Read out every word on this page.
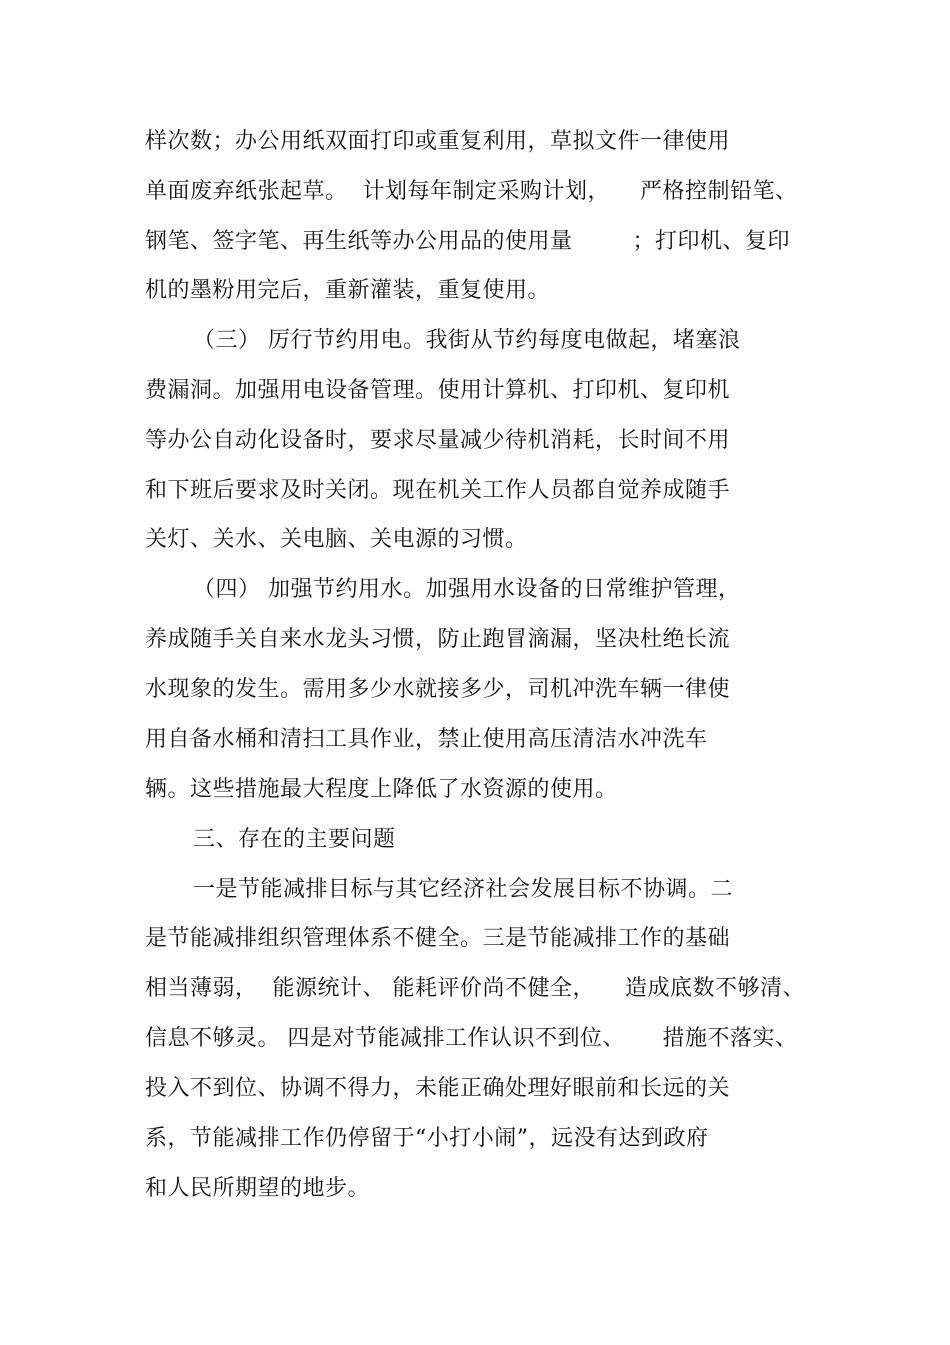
样次数；办公用纸双面打印或重复利用，草拟文件一律使用
单面废弃纸张起草。  计划每年制定采购计划，    严格控制铅笔、
钢笔、签字笔、再生纸等办公用品的使用量        ；打印机、复印
机的墨粉用完后，重新灌装，重复使用。
（三） 厉行节约用电。我街从节约每度电做起，堵塞浪
费漏洞。加强用电设备管理。使用计算机、打印机、复印机
等办公自动化设备时，要求尽量减少待机消耗，长时间不用
和下班后要求及时关闭。现在机关工作人员都自觉养成随手
关灯、关水、关电脑、关电源的习惯。
（四） 加强节约用水。加强用水设备的日常维护管理，
养成随手关自来水龙头习惯，防止跑冒滴漏，坚决杜绝长流
水现象的发生。需用多少水就接多少，司机冲洗车辆一律使
用自备水桶和清扫工具作业，禁止使用高压清洁水冲洗车
辆。这些措施最大程度上降低了水资源的使用。
三、存在的主要问题
一是节能减排目标与其它经济社会发展目标不协调。二
是节能减排组织管理体系不健全。三是节能减排工作的基础
相当薄弱，  能源统计、 能耗评价尚不健全，    造成底数不够清、
信息不够灵。 四是对节能减排工作认识不到位、     措施不落实、
投入不到位、协调不得力，未能正确处理好眼前和长远的关
系，节能减排工作仍停留于“小打小闹”，远没有达到政府
和人民所期望的地步。
